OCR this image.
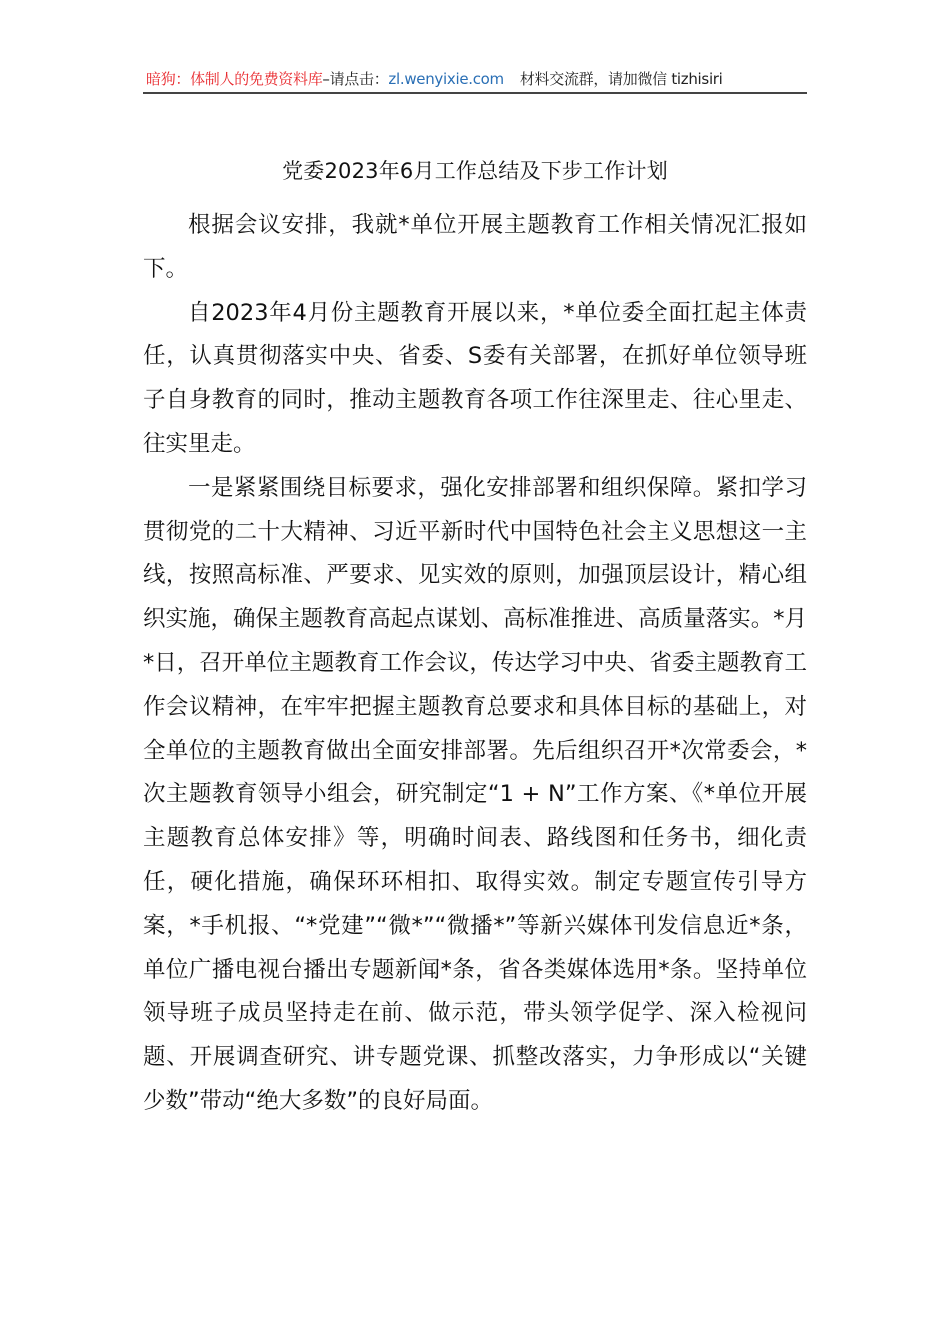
暗狗：体制人的免费资料库–请点击：zl.wenyixie.com 材料交流群，请加微信 tizhisiri
党委2023年6月工作总结及下步工作计划

根据会议安排，我就*单位开展主题教育工作相关情况汇报如下。

自2023年4月份主题教育开展以来，*单位委全面扛起主体责任，认真贯彻落实中央、省委、S委有关部署，在抓好单位领导班子自身教育的同时，推动主题教育各项工作往深里走、往心里走、往实里走。

一是紧紧围绕目标要求，强化安排部署和组织保障。紧扣学习贯彻党的二十大精神、习近平新时代中国特色社会主义思想这一主线，按照高标准、严要求、见实效的原则，加强顶层设计，精心组织实施，确保主题教育高起点谋划、高标准推进、高质量落实。*月*日，召开单位主题教育工作会议，传达学习中央、省委主题教育工作会议精神，在牢牢把握主题教育总要求和具体目标的基础上，对全单位的主题教育做出全面安排部署。先后组织召开*次常委会，*次主题教育领导小组会，研究制定“1 + N”工作方案、《*单位开展主题教育总体安排》等，明确时间表、路线图和任务书，细化责任，硬化措施，确保环环相扣、取得实效。制定专题宣传引导方案，*手机报、“*党建”“微*”“微播*”等新兴媒体刊发信息近*条，单位广播电视台播出专题新闻*条，省各类媒体选用*条。坚持单位领导班子成员坚持走在前、做示范，带头领学促学、深入检视问题、开展调查研究、讲专题党课、抓整改落实，力争形成以“关键少数”带动“绝大多数”的良好局面。
